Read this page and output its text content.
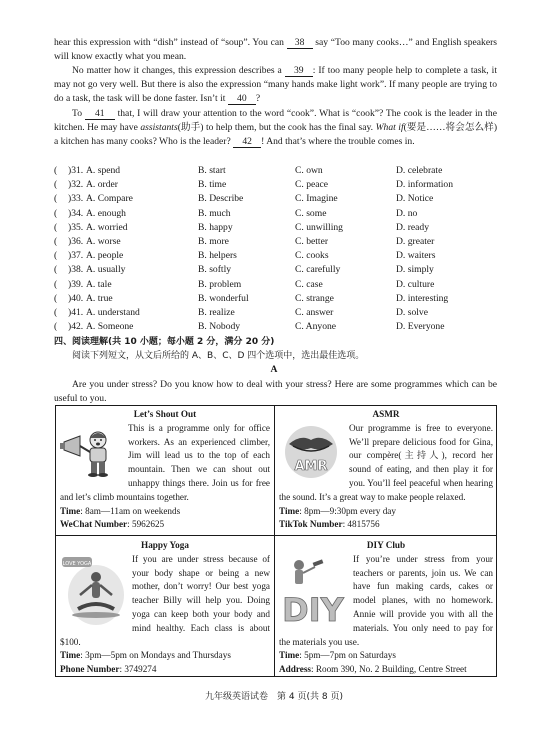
hear this expression with “dish” instead of “soup”. You can 38 say “Too many cooks…” and English speakers will know exactly what you mean.
No matter how it changes, this expression describes a 39 : If too many people help to complete a task, it may not go very well. But there is also the expression “many hands make light work”. If many people are trying to do a task, the task will be done faster. Isn’t it 40 ?
To 41 that, I will draw your attention to the word “cook”. What is “cook”? The cook is the leader in the kitchen. He may have assistants(助手) to help them, but the cook has the final say. What if(要是……将会怎么样) a kitchen has many cooks? Who is the leader? 42 ! And that’s where the trouble comes in.
( )31. A. spend	B. start	C. own	D. celebrate
( )32. A. order	B. time	C. peace	D. information
( )33. A. Compare	B. Describe	C. Imagine	D. Notice
( )34. A. enough	B. much	C. some	D. no
( )35. A. worried	B. happy	C. unwilling	D. ready
( )36. A. worse	B. more	C. better	D. greater
( )37. A. people	B. helpers	C. cooks	D. waiters
( )38. A. usually	B. softly	C. carefully	D. simply
( )39. A. tale	B. problem	C. case	D. culture
( )40. A. true	B. wonderful	C. strange	D. interesting
( )41. A. understand	B. realize	C. answer	D. solve
( )42. A. Someone	B. Nobody	C. Anyone	D. Everyone
四、阅读理解(共 10 小题；每小题 2 分，满分 20 分)
阅读下列短文，从文后所给的 A、B、C、D 四个选项中，选出最佳选项。
A
Are you under stress? Do you know how to deal with your stress? Here are some programmes which can be useful to you.
Let’s Shout Out
This is a programme only for office workers. As an experienced climber, Jim will lead us to the top of each mountain. Then we can shout out unhappy things there. Join us for free and let’s climb mountains together.
Time: 8am—11am on weekends
WeChat Number: 5962625
ASMR
AMR
Our programme is free to everyone. We’ll prepare delicious food for Gina, our compère(主持人), record her sound of eating, and then play it for you. You’ll feel peaceful when hearing the sound. It’s a great way to make people relaxed.
Time: 8pm—9:30pm every day
TikTok Number: 4815756
Happy Yoga
LOVE YOGA	If you are under stress because of your body shape or being a new mother, don’t worry! Our best yoga teacher Billy will help you. Doing yoga can keep both your body and mind healthy. Each class is about $100.
Time: 3pm—5pm on Mondays and Thursdays
Phone Number: 3749274
DIY Club
DIY
If you’re under stress from your teachers or parents, join us. We can have fun making cards, cakes or model planes, with no homework. Annie will provide you with all the materials. You only need to pay for the materials you use.
Time: 5pm—7pm on Saturdays
Address: Room 390, No. 2 Building, Centre Street
九年级英语试卷　第 4 页(共 8 页)
